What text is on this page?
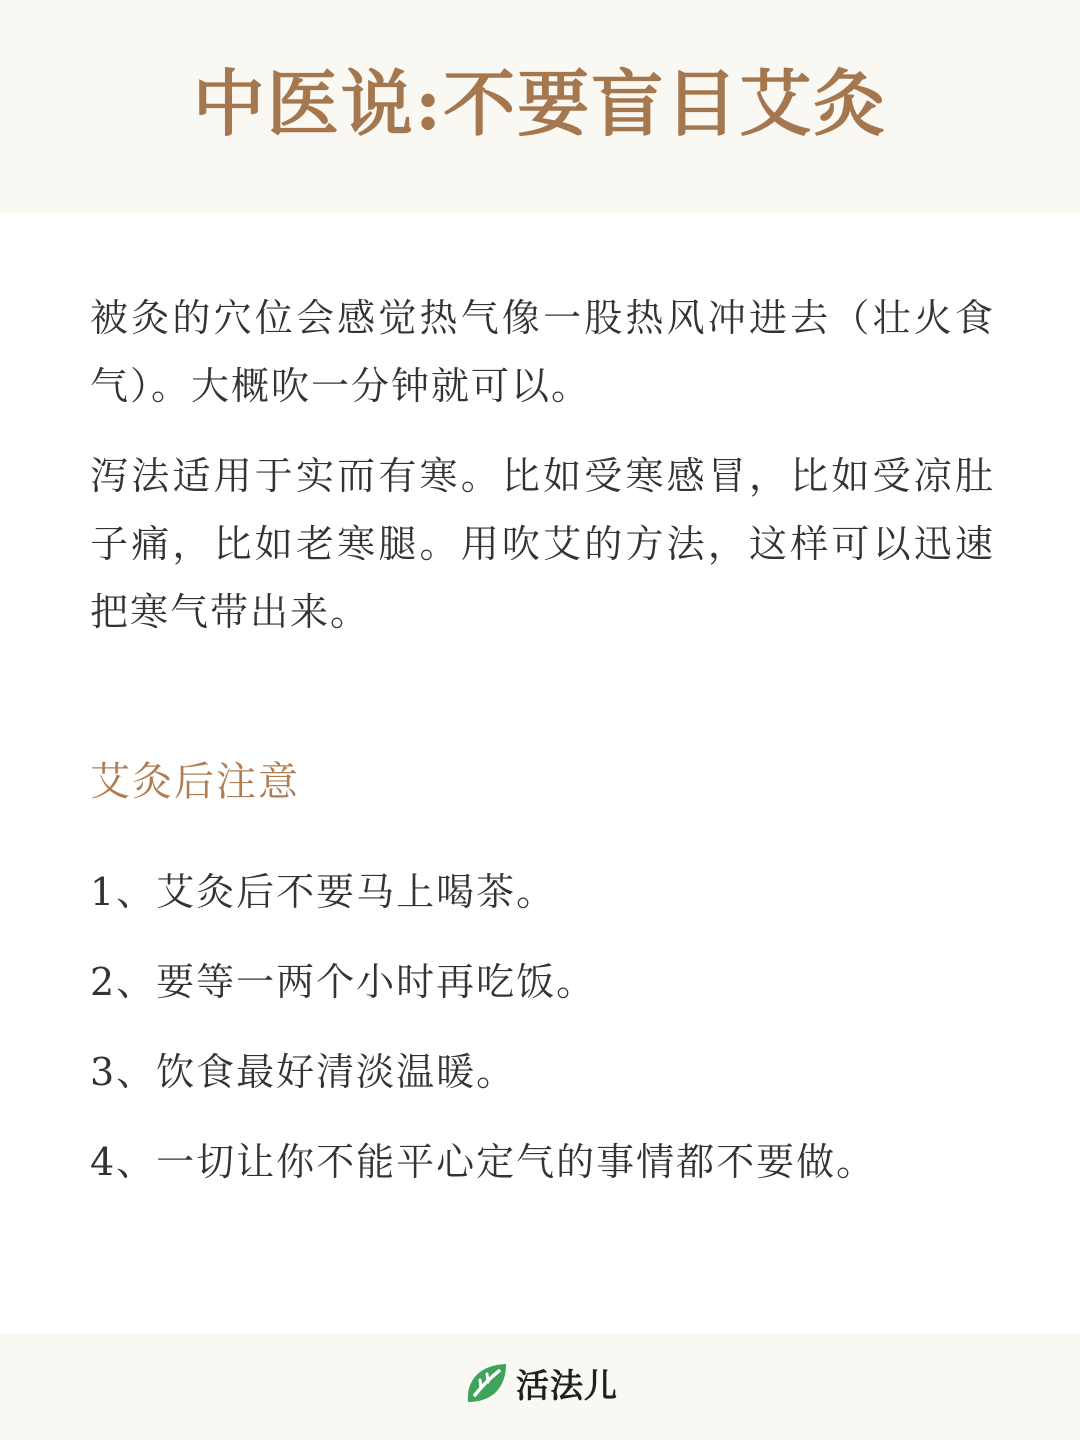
中医说:不要盲目艾灸

被灸的穴位会感觉热气像一股热风冲进去（壮火食气）。大概吹一分钟就可以。

泻法适用于实而有寒。比如受寒感冒，比如受凉肚子痛，比如老寒腿。用吹艾的方法，这样可以迅速把寒气带出来。

艾灸后注意
1、艾灸后不要马上喝茶。
2、要等一两个小时再吃饭。
3、饮食最好清淡温暖。
4、一切让你不能平心定气的事情都不要做。
活法儿
